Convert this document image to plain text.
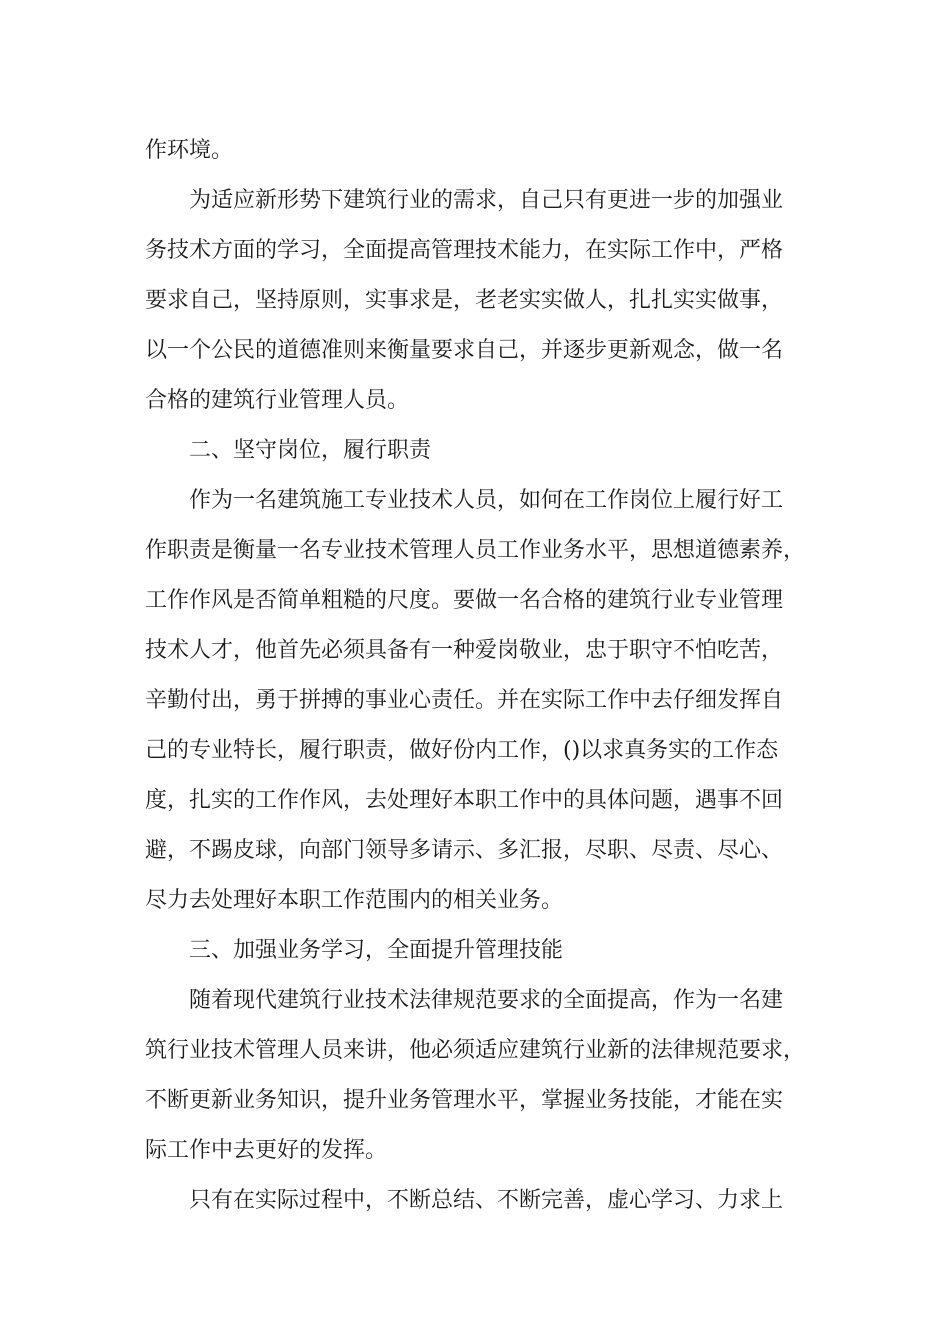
作环境。

为适应新形势下建筑行业的需求，自己只有更进一步的加强业

务技术方面的学习，全面提高管理技术能力，在实际工作中，严格

要求自己，坚持原则，实事求是，老老实实做人，扎扎实实做事，

以一个公民的道德准则来衡量要求自己，并逐步更新观念，做一名

合格的建筑行业管理人员。

二、坚守岗位，履行职责

作为一名建筑施工专业技术人员，如何在工作岗位上履行好工

作职责是衡量一名专业技术管理人员工作业务水平，思想道德素养，

工作作风是否简单粗糙的尺度。要做一名合格的建筑行业专业管理

技术人才，他首先必须具备有一种爱岗敬业，忠于职守不怕吃苦，

辛勤付出，勇于拼搏的事业心责任。并在实际工作中去仔细发挥自

己的专业特长，履行职责，做好份内工作，()以求真务实的工作态

度，扎实的工作作风，去处理好本职工作中的具体问题，遇事不回

避，不踢皮球，向部门领导多请示、多汇报，尽职、尽责、尽心、

尽力去处理好本职工作范围内的相关业务。

三、加强业务学习，全面提升管理技能

随着现代建筑行业技术法律规范要求的全面提高，作为一名建

筑行业技术管理人员来讲，他必须适应建筑行业新的法律规范要求，

不断更新业务知识，提升业务管理水平，掌握业务技能，才能在实

际工作中去更好的发挥。

只有在实际过程中，不断总结、不断完善，虚心学习、力求上
